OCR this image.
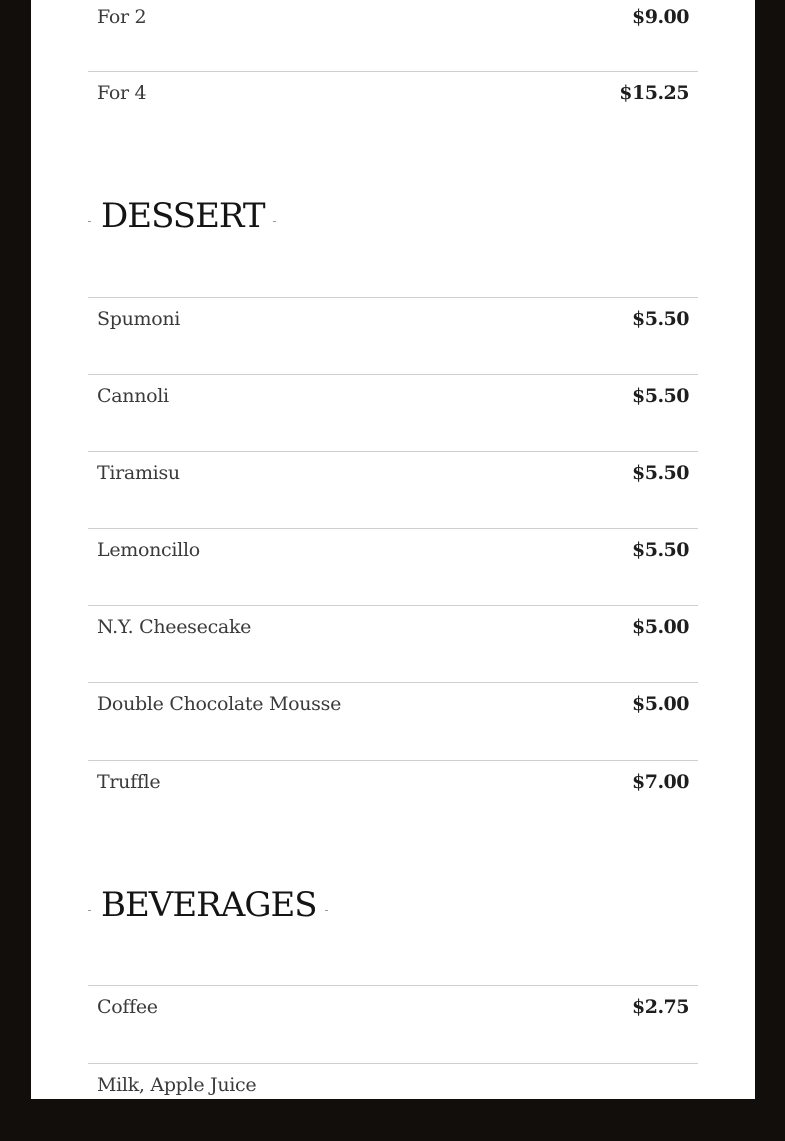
For 2	$9.00
For 4	$15.25
DESSERT
Spumoni	$5.50
Cannoli	$5.50
Tiramisu	$5.50
Lemoncillo	$5.50
N.Y. Cheesecake	$5.00
Double Chocolate Mousse	$5.00
Truffle	$7.00
BEVERAGES
Coffee	$2.75
Milk, Apple Juice
